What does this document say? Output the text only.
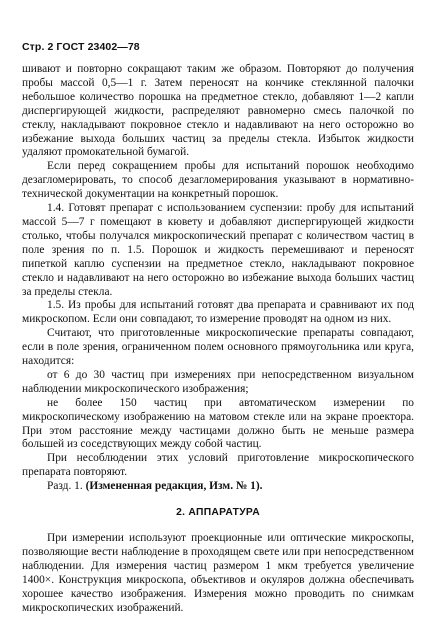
Стр. 2 ГОСТ 23402—78

шивают и повторно сокращают таким же образом. Повторяют до получения пробы массой 0,5—1 г. Затем переносят на кончике стеклянной палочки небольшое количество порошка на предметное стекло, добавляют 1—2 капли диспергирующей жидкости, распределяют равномерно смесь палочкой по стеклу, накладывают покровное стекло и надавливают на него осторожно во избежание выхода больших частиц за пределы стекла. Избыток жидкости удаляют промокательной бумагой.

Если перед сокращением пробы для испытаний порошок необходимо дезагломерировать, то способ дезагломерирования указывают в нормативно-технической документации на конкретный порошок.

1.4. Готовят препарат с использованием суспензии: пробу для испытаний массой 5—7 г помещают в кювету и добавляют диспергирующей жидкости столько, чтобы получался микроскопический препарат с количеством частиц в поле зрения по п. 1.5. Порошок и жидкость перемешивают и переносят пипеткой каплю суспензии на предметное стекло, накладывают покровное стекло и надавливают на него осторожно во избежание выхода больших частиц за пределы стекла.

1.5. Из пробы для испытаний готовят два препарата и сравнивают их под микроскопом. Если они совпадают, то измерение проводят на одном из них.

Считают, что приготовленные микроскопические препараты совпадают, если в поле зрения, ограниченном полем основного прямоугольника или круга, находится:

от 6 до 30 частиц при измерениях при непосредственном визуальном наблюдении микроскопического изображения;

не более 150 частиц при автоматическом измерении по микроскопическому изображению на матовом стекле или на экране проектора. При этом расстояние между частицами должно быть не меньше размера большей из соседствующих между собой частиц.

При несоблюдении этих условий приготовление микроскопического препарата повторяют.

Разд. 1. (Измененная редакция, Изм. № 1).

2. АППАРАТУРА

При измерении используют проекционные или оптические микроскопы, позволяющие вести наблюдение в проходящем свете или при непосредственном наблюдении. Для измерения частиц размером 1 мкм требуется увеличение 1400×. Конструкция микроскопа, объективов и окуляров должна обеспечивать хорошее качество изображения. Измерения можно проводить по снимкам микроскопических изображений.
